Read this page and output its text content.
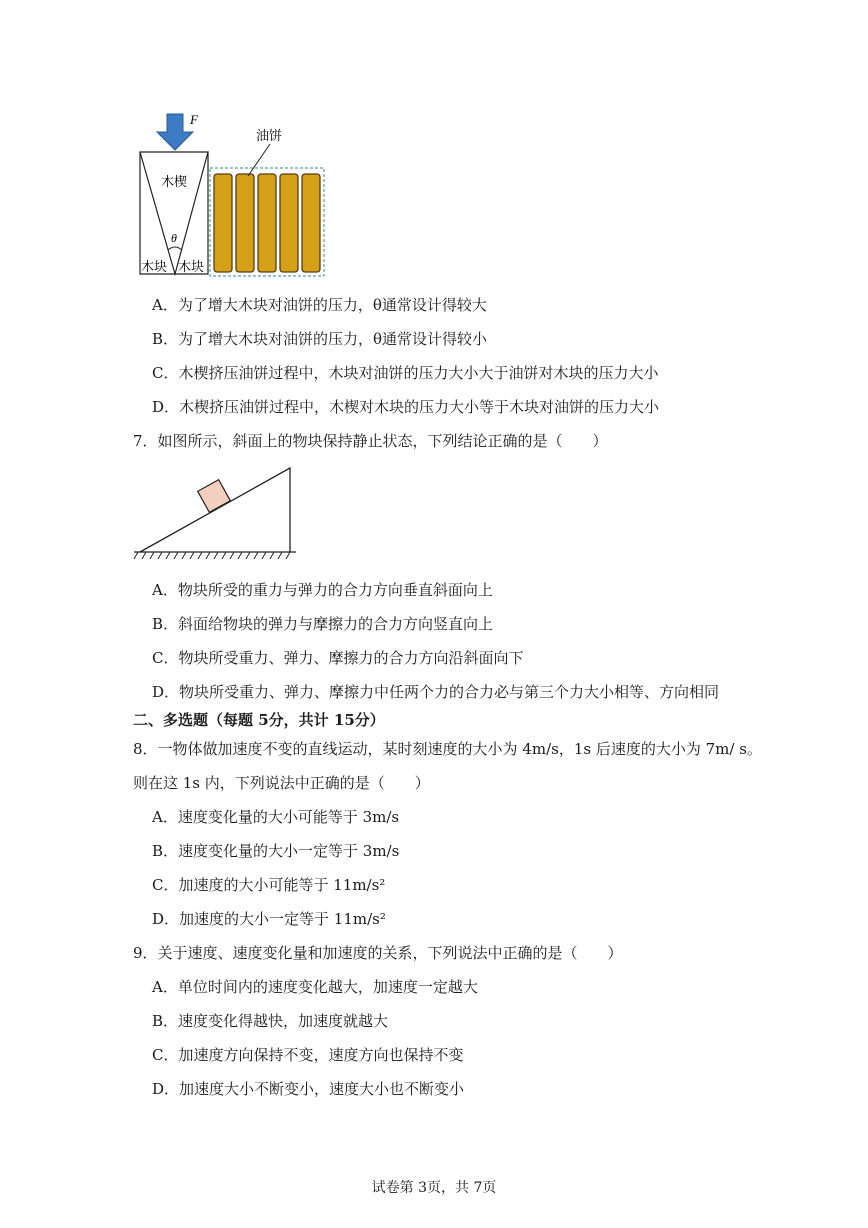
F
油饼
木楔
θ
木块 木块
A．为了增大木块对油饼的压力，θ通常设计得较大
B．为了增大木块对油饼的压力，θ通常设计得较小
C．木楔挤压油饼过程中，木块对油饼的压力大小大于油饼对木块的压力大小
D．木楔挤压油饼过程中，木楔对木块的压力大小等于木块对油饼的压力大小
7．如图所示，斜面上的物块保持静止状态，下列结论正确的是（　　）
A．物块所受的重力与弹力的合力方向垂直斜面向上
B．斜面给物块的弹力与摩擦力的合力方向竖直向上
C．物块所受重力、弹力、摩擦力的合力方向沿斜面向下
D．物块所受重力、弹力、摩擦力中任两个力的合力必与第三个力大小相等、方向相同
二、多选题（每题 5分，共计 15分）
8．一物体做加速度不变的直线运动，某时刻速度的大小为 4m/s，1s 后速度的大小为 7m/ s。
则在这 1s 内，下列说法中正确的是（　　）
A．速度变化量的大小可能等于 3m/s
B．速度变化量的大小一定等于 3m/s
C．加速度的大小可能等于 11m/s²
D．加速度的大小一定等于 11m/s²
9．关于速度、速度变化量和加速度的关系，下列说法中正确的是（　　）
A．单位时间内的速度变化越大，加速度一定越大
B．速度变化得越快，加速度就越大
C．加速度方向保持不变，速度方向也保持不变
D．加速度大小不断变小，速度大小也不断变小
试卷第 3页，共 7页
